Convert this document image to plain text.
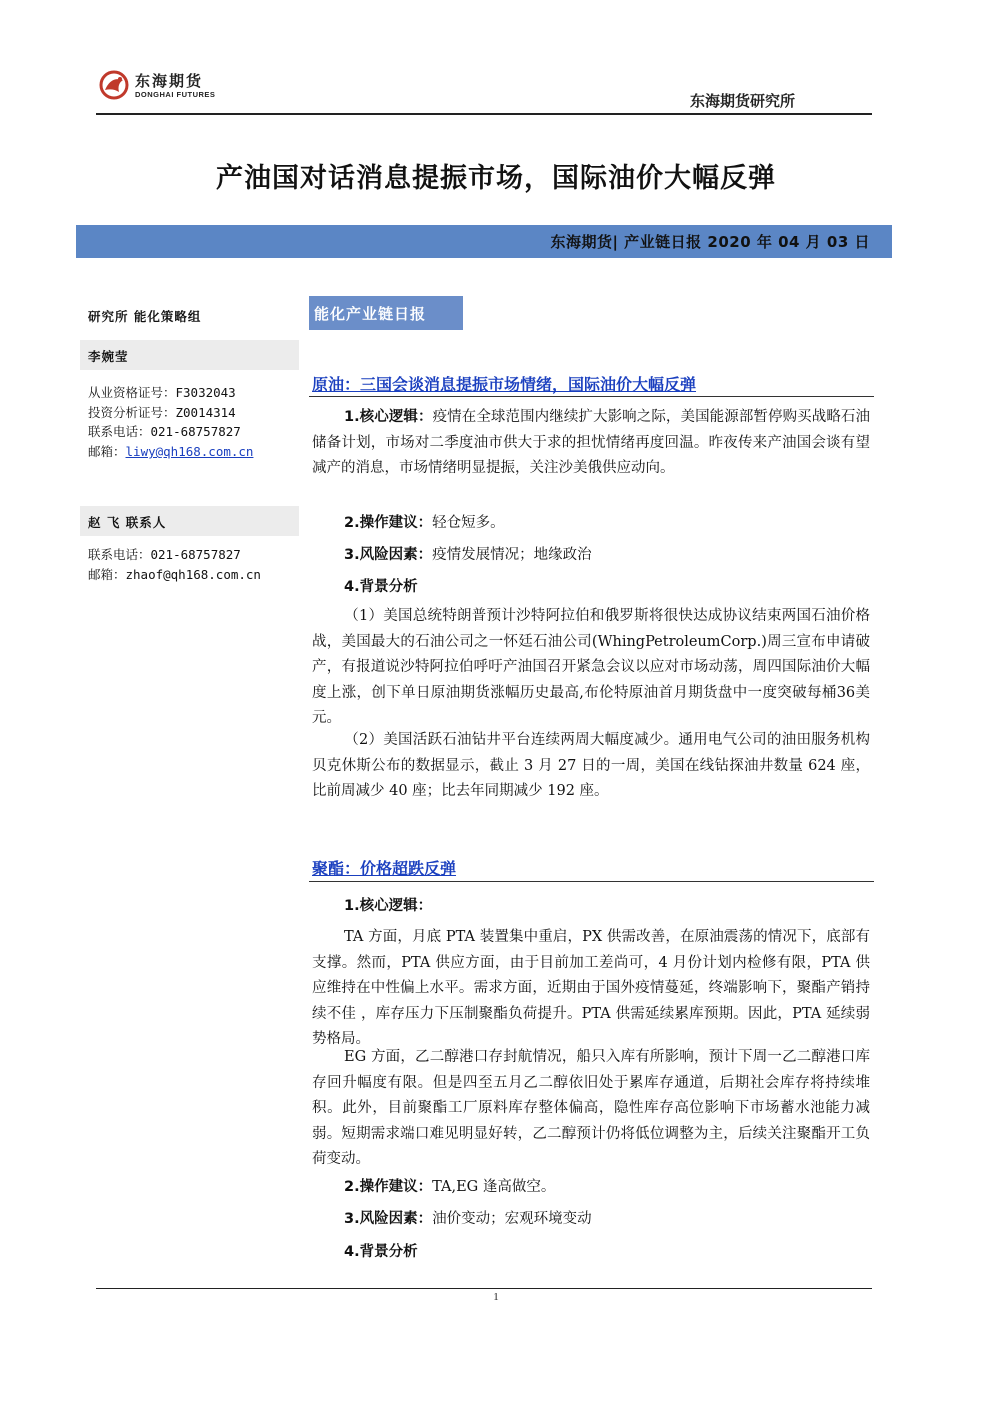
东海期货
DONGHAI FUTURES	东海期货研究所
产油国对话消息提振市场，国际油价大幅反弹
东海期货| 产业链日报 2020 年 04 月 03 日
研究所 能化策略组
李婉莹
从业资格证号：F3032043
投资分析证号：Z0014314
联系电话：021-68757827
邮箱：liwy@qh168.com.cn
赵 飞 联系人
联系电话：021-68757827
邮箱：zhaof@qh168.com.cn
能化产业链日报
原油：三国会谈消息提振市场情绪，国际油价大幅反弹
1.核心逻辑：疫情在全球范围内继续扩大影响之际，美国能源部暂停购买战略石油储备计划，市场对二季度油市供大于求的担忧情绪再度回温。昨夜传来产油国会谈有望减产的消息，市场情绪明显提振，关注沙美俄供应动向。
2.操作建议：轻仓短多。
3.风险因素：疫情发展情况；地缘政治
4.背景分析
（1）美国总统特朗普预计沙特阿拉伯和俄罗斯将很快达成协议结束两国石油价格战，美国最大的石油公司之一怀廷石油公司(WhingPetroleumCorp.)周三宣布申请破产，有报道说沙特阿拉伯呼吁产油国召开紧急会议以应对市场动荡，周四国际油价大幅度上涨，创下单日原油期货涨幅历史最高,布伦特原油首月期货盘中一度突破每桶36美元。
（2）美国活跃石油钻井平台连续两周大幅度减少。通用电气公司的油田服务机构贝克休斯公布的数据显示，截止 3 月 27 日的一周，美国在线钻探油井数量 624 座，比前周减少 40 座；比去年同期减少 192 座。
聚酯：价格超跌反弹
1.核心逻辑：
TA 方面，月底 PTA 装置集中重启，PX 供需改善，在原油震荡的情况下，底部有支撑。然而，PTA 供应方面，由于目前加工差尚可，4 月份计划内检修有限，PTA 供应维持在中性偏上水平。需求方面，近期由于国外疫情蔓延，终端影响下，聚酯产销持续不佳 ，库存压力下压制聚酯负荷提升。PTA 供需延续累库预期。因此，PTA 延续弱势格局。
EG 方面，乙二醇港口存封航情况，船只入库有所影响，预计下周一乙二醇港口库存回升幅度有限。但是四至五月乙二醇依旧处于累库存通道，后期社会库存将持续堆积。此外，目前聚酯工厂原料库存整体偏高，隐性库存高位影响下市场蓄水池能力减弱。短期需求端口难见明显好转，乙二醇预计仍将低位调整为主，后续关注聚酯开工负荷变动。
2.操作建议：TA,EG 逢高做空。
3.风险因素：油价变动；宏观环境变动
4.背景分析
1
